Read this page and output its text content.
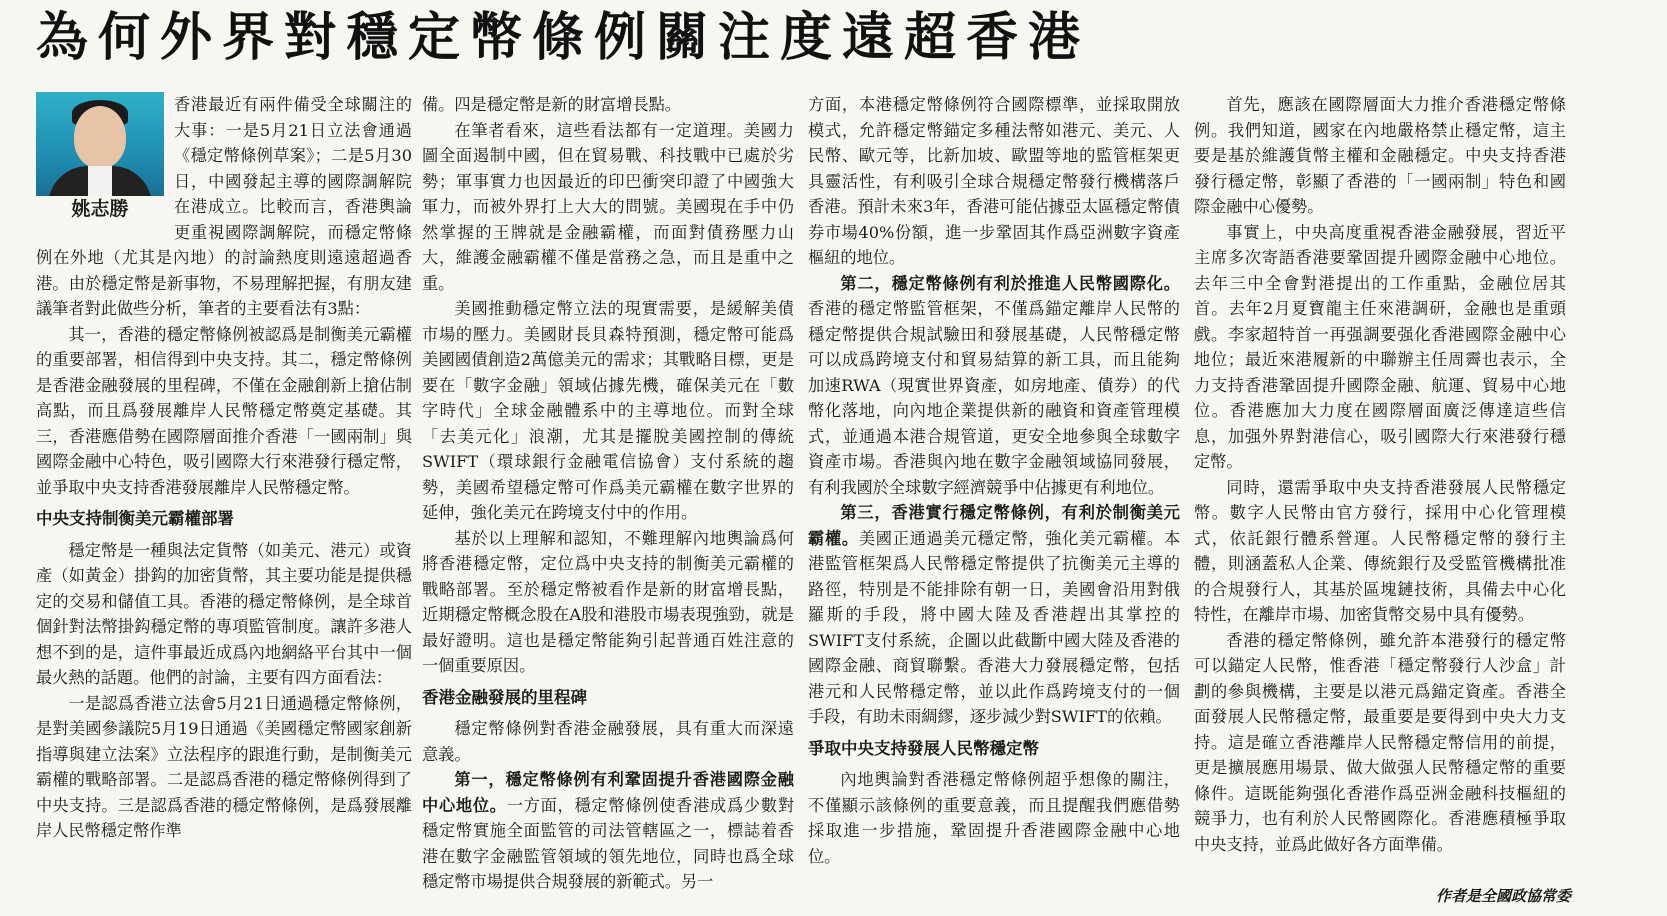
為何外界對穩定幣條例關注度遠超香港
姚志勝

香港最近有兩件備受全球關注的大事：一是5月21日立法會通過《穩定幣條例草案》；二是5月30日，中國發起主導的國際調解院在港成立。比較而言，香港輿論更重視國際調解院，而穩定幣條例在外地（尤其是內地）的討論熱度則遠遠超過香港。由於穩定幣是新事物，不易理解把握，有朋友建議筆者對此做些分析，筆者的主要看法有3點：

其一，香港的穩定幣條例被認爲是制衡美元霸權的重要部署，相信得到中央支持。其二，穩定幣條例是香港金融發展的里程碑，不僅在金融創新上搶佔制高點，而且爲發展離岸人民幣穩定幣奠定基礎。其三，香港應借勢在國際層面推介香港「一國兩制」與國際金融中心特色，吸引國際大行來港發行穩定幣，並爭取中央支持香港發展離岸人民幣穩定幣。

中央支持制衡美元霸權部署

穩定幣是一種與法定貨幣（如美元、港元）或資產（如黃金）掛鈎的加密貨幣，其主要功能是提供穩定的交易和儲值工具。香港的穩定幣條例，是全球首個針對法幣掛鈎穩定幣的專項監管制度。讓許多港人想不到的是，這件事最近成爲內地網絡平台其中一個最火熱的話題。他們的討論，主要有四方面看法：

一是認爲香港立法會5月21日通過穩定幣條例，是對美國參議院5月19日通過《美國穩定幣國家創新指導與建立法案》立法程序的跟進行動，是制衡美元霸權的戰略部署。二是認爲香港的穩定幣條例得到了中央支持。三是認爲香港的穩定幣條例，是爲發展離岸人民幣穩定幣作準

備。四是穩定幣是新的財富增長點。

在筆者看來，這些看法都有一定道理。美國力圖全面遏制中國，但在貿易戰、科技戰中已處於劣勢；軍事實力也因最近的印巴衝突印證了中國強大軍力，而被外界打上大大的問號。美國現在手中仍然掌握的王牌就是金融霸權，而面對債務壓力山大，維護金融霸權不僅是當務之急，而且是重中之重。

美國推動穩定幣立法的現實需要，是緩解美債市場的壓力。美國財長貝森特預測，穩定幣可能爲美國國債創造2萬億美元的需求；其戰略目標，更是要在「數字金融」領域佔據先機，確保美元在「數字時代」全球金融體系中的主導地位。而對全球「去美元化」浪潮，尤其是擺脫美國控制的傳統SWIFT（環球銀行金融電信協會）支付系統的趨勢，美國希望穩定幣可作爲美元霸權在數字世界的延伸，強化美元在跨境支付中的作用。

基於以上理解和認知，不難理解內地輿論爲何將香港穩定幣，定位爲中央支持的制衡美元霸權的戰略部署。至於穩定幣被看作是新的財富增長點，近期穩定幣概念股在A股和港股市場表現強勁，就是最好證明。這也是穩定幣能夠引起普通百姓注意的一個重要原因。

香港金融發展的里程碑

穩定幣條例對香港金融發展，具有重大而深遠意義。

第一，穩定幣條例有利鞏固提升香港國際金融中心地位。一方面，穩定幣條例使香港成爲少數對穩定幣實施全面監管的司法管轄區之一，標誌着香港在數字金融監管領域的領先地位，同時也爲全球穩定幣市場提供合規發展的新範式。另一

方面，本港穩定幣條例符合國際標準，並採取開放模式，允許穩定幣錨定多種法幣如港元、美元、人民幣、歐元等，比新加坡、歐盟等地的監管框架更具靈活性，有利吸引全球合規穩定幣發行機構落戶香港。預計未來3年，香港可能佔據亞太區穩定幣債券市場40%份額，進一步鞏固其作爲亞洲數字資產樞紐的地位。

第二，穩定幣條例有利於推進人民幣國際化。香港的穩定幣監管框架，不僅爲錨定離岸人民幣的穩定幣提供合規試驗田和發展基礎，人民幣穩定幣可以成爲跨境支付和貿易結算的新工具，而且能夠加速RWA（現實世界資產，如房地產、債券）的代幣化落地，向內地企業提供新的融資和資產管理模式，並通過本港合規管道，更安全地參與全球數字資產市場。香港與內地在數字金融領域協同發展，有利我國於全球數字經濟競爭中佔據更有利地位。

第三，香港實行穩定幣條例，有利於制衡美元霸權。美國正通過美元穩定幣，強化美元霸權。本港監管框架爲人民幣穩定幣提供了抗衡美元主導的路徑，特別是不能排除有朝一日，美國會沿用對俄羅斯的手段，將中國大陸及香港趕出其掌控的SWIFT支付系統，企圖以此截斷中國大陸及香港的國際金融、商貿聯繫。香港大力發展穩定幣，包括港元和人民幣穩定幣，並以此作爲跨境支付的一個手段，有助未雨綢繆，逐步減少對SWIFT的依賴。

爭取中央支持發展人民幣穩定幣

內地輿論對香港穩定幣條例超乎想像的關注，不僅顯示該條例的重要意義，而且提醒我們應借勢採取進一步措施，鞏固提升香港國際金融中心地位。

首先，應該在國際層面大力推介香港穩定幣條例。我們知道，國家在內地嚴格禁止穩定幣，這主要是基於維護貨幣主權和金融穩定。中央支持香港發行穩定幣，彰顯了香港的「一國兩制」特色和國際金融中心優勢。

事實上，中央高度重視香港金融發展，習近平主席多次寄語香港要鞏固提升國際金融中心地位。去年三中全會對港提出的工作重點，金融位居其首。去年2月夏寶龍主任來港調研，金融也是重頭戲。李家超特首一再强調要强化香港國際金融中心地位；最近來港履新的中聯辦主任周霽也表示，全力支持香港鞏固提升國際金融、航運、貿易中心地位。香港應加大力度在國際層面廣泛傳達這些信息，加强外界對港信心，吸引國際大行來港發行穩定幣。

同時，還需爭取中央支持香港發展人民幣穩定幣。數字人民幣由官方發行，採用中心化管理模式，依託銀行體系營運。人民幣穩定幣的發行主體，則涵蓋私人企業、傳統銀行及受監管機構批准的合規發行人，其基於區塊鏈技術，具備去中心化特性，在離岸市場、加密貨幣交易中具有優勢。

香港的穩定幣條例，雖允許本港發行的穩定幣可以錨定人民幣，惟香港「穩定幣發行人沙盒」計劃的參與機構，主要是以港元爲錨定資產。香港全面發展人民幣穩定幣，最重要是要得到中央大力支持。這是確立香港離岸人民幣穩定幣信用的前提，更是擴展應用場景、做大做强人民幣穩定幣的重要條件。這既能夠强化香港作爲亞洲金融科技樞紐的競爭力，也有利於人民幣國際化。香港應積極爭取中央支持，並爲此做好各方面準備。

作者是全國政協常委
